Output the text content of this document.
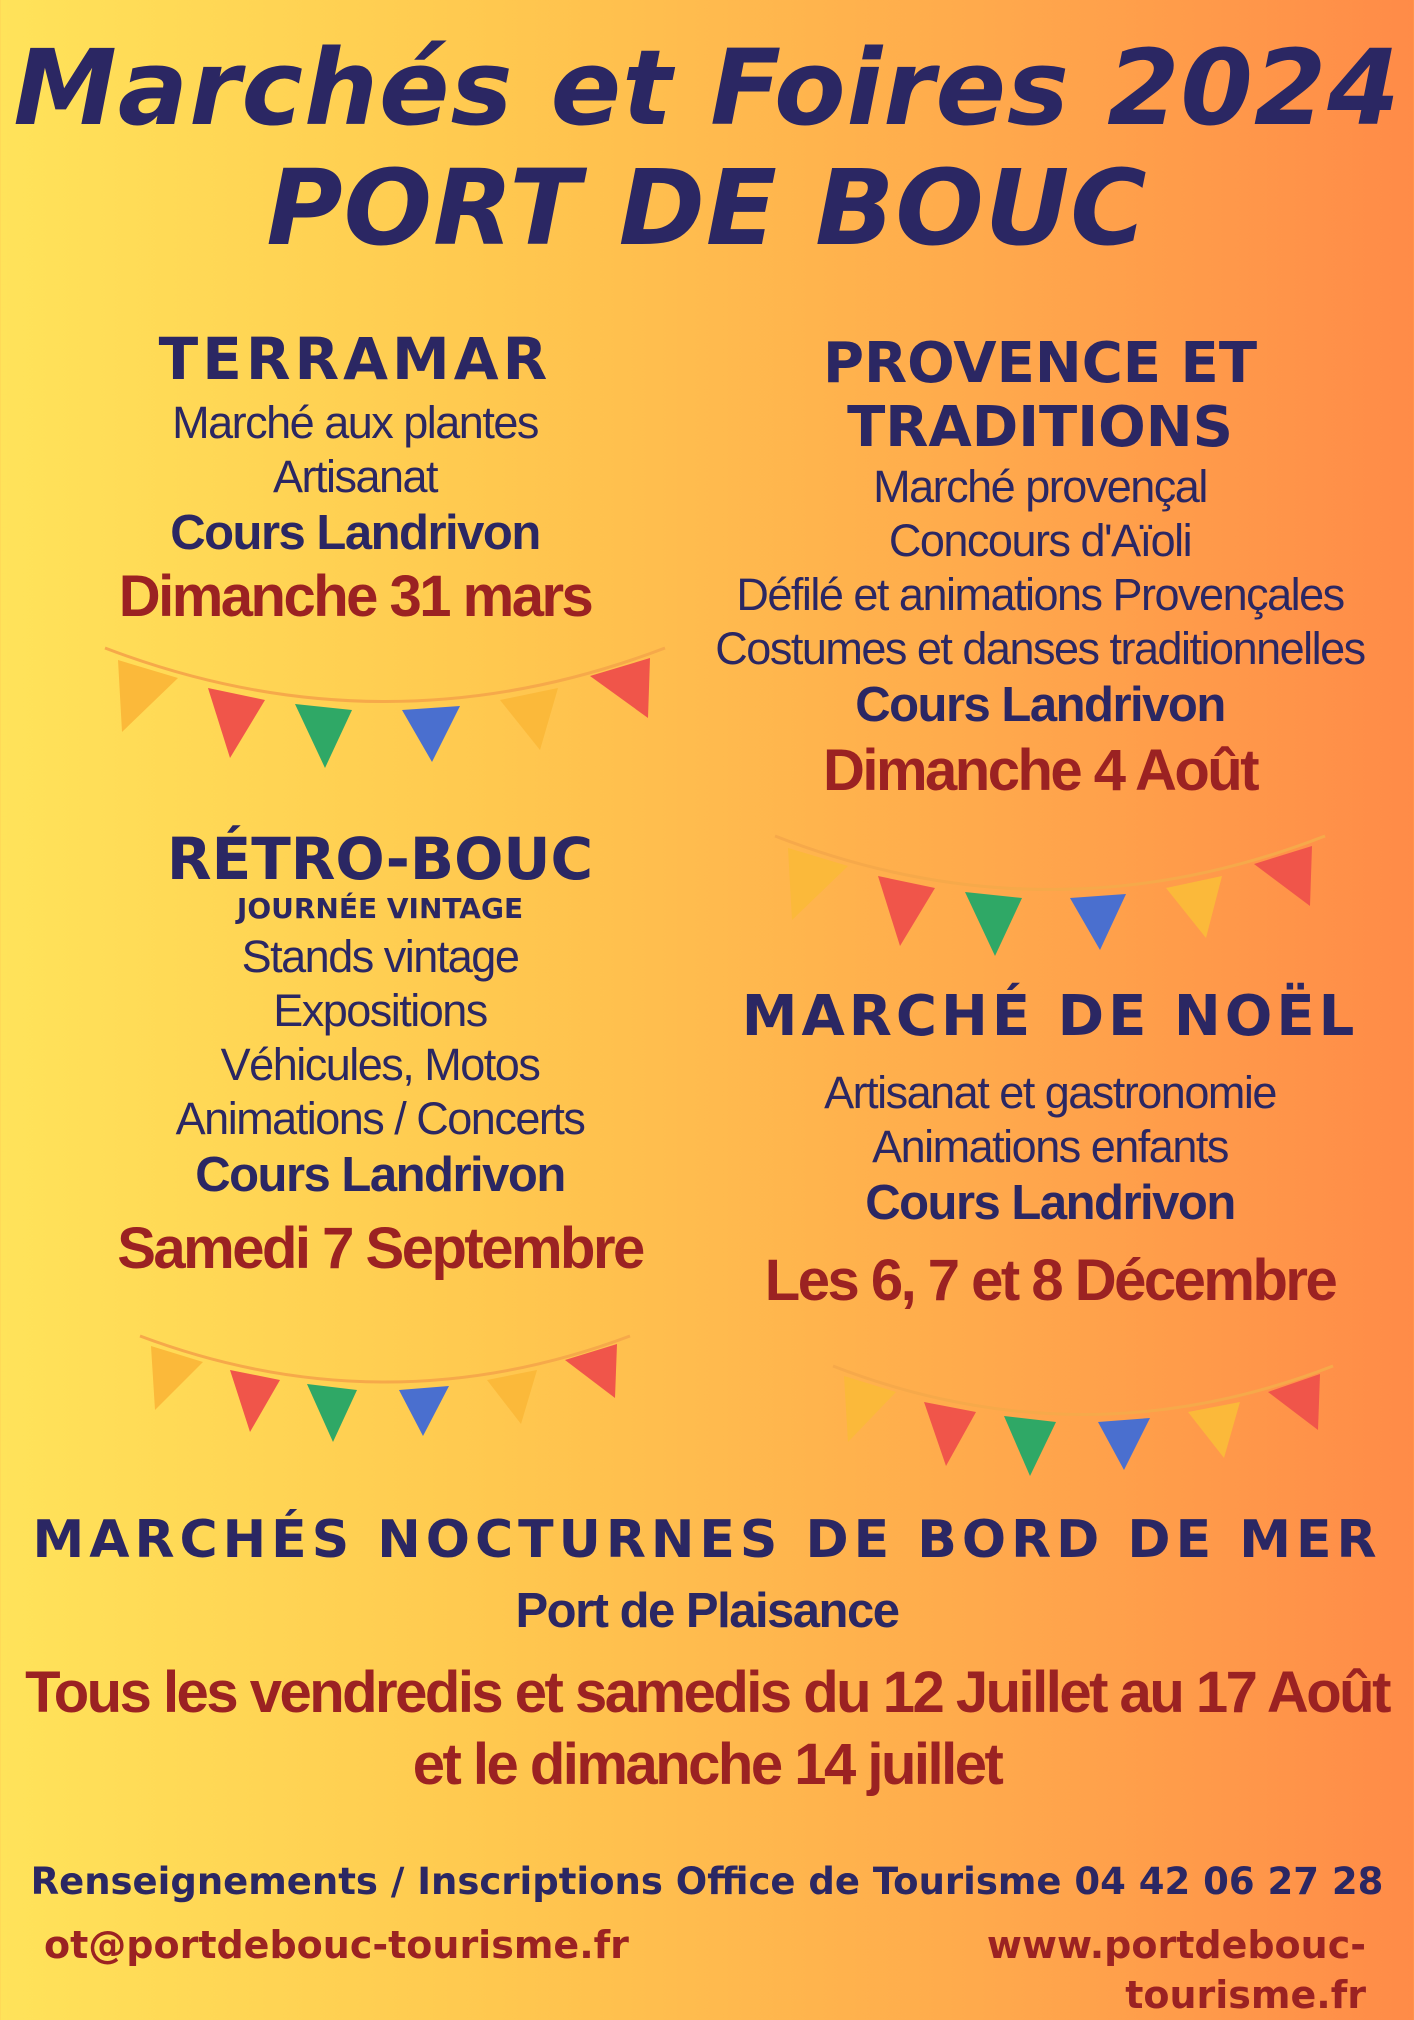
Marchés et Foires 2024
PORT DE BOUC
TERRAMAR
Marché aux plantes
Artisanat
Cours Landrivon
Dimanche 31 mars
PROVENCE ET
TRADITIONS
Marché provençal
Concours d'Aïoli
Défilé et animations Provençales
Costumes et danses traditionnelles
Cours Landrivon
Dimanche 4 Août
RÉTRO-BOUC
JOURNÉE VINTAGE
Stands vintage
Expositions
Véhicules, Motos
Animations / Concerts
Cours Landrivon
Samedi 7 Septembre
MARCHÉ DE NOËL
Artisanat et gastronomie
Animations enfants
Cours Landrivon
Les 6, 7 et 8 Décembre
MARCHÉS NOCTURNES DE BORD DE MER
Port de Plaisance
Tous les vendredis et samedis du 12 Juillet au 17 Août
et le dimanche 14 juillet
Renseignements / Inscriptions Office de Tourisme 04 42 06 27 28
ot@portdebouc-tourisme.fr	www.portdebouc-tourisme.fr
